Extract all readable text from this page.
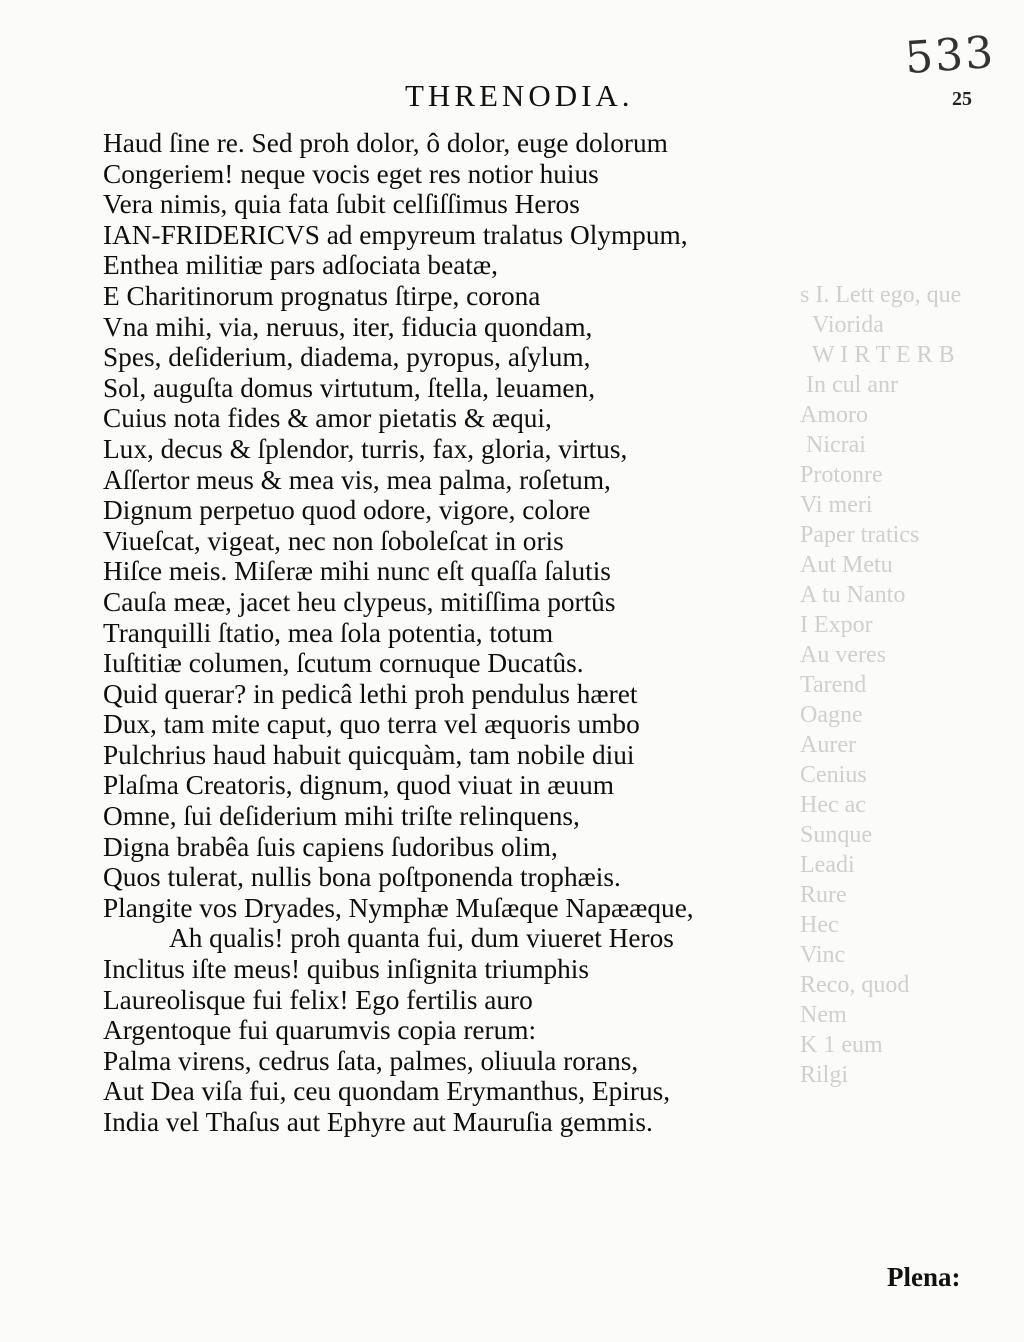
s I. Lett ego, que
Viorida
W I R T E R B
In cul anr
Amoro
Nicrai
Protonre
Vi meri
Paper tratics
Aut Metu
A tu Nanto
I Expor
Au veres
Tarend
Oagne
Aurer
Cenius
Hec ac
Sunque
Leadi
Rure
Hec
Vinc
Reco, quod
Nem
K 1 eum
Rilgi
533
25
THRENODIA.
Haud ſine re. Sed proh dolor, ô dolor, euge dolorum
Congeriem! neque vocis eget res notior huius
Vera nimis, quia fata ſubit celſiſſimus Heros
IAN-FRIDERICVS ad empyreum tralatus Olympum,
Enthea militiæ pars adſociata beatæ,
E Charitinorum prognatus ſtirpe, corona
Vna mihi, via, neruus, iter, fiducia quondam,
Spes, deſiderium, diadema, pyropus, aſylum,
Sol, auguſta domus virtutum, ſtella, leuamen,
Cuius nota fides & amor pietatis & æqui,
Lux, decus & ſplendor, turris, fax, gloria, virtus,
Aſſertor meus & mea vis, mea palma, roſetum,
Dignum perpetuo quod odore, vigore, colore
Viueſcat, vigeat, nec non ſoboleſcat in oris
Hiſce meis. Miſeræ mihi nunc eſt quaſſa ſalutis
Cauſa meæ, jacet heu clypeus, mitiſſima portûs
Tranquilli ſtatio, mea ſola potentia, totum
Iuſtitiæ columen, ſcutum cornuque Ducatûs.
Quid querar? in pedicâ lethi proh pendulus hæret
Dux, tam mite caput, quo terra vel æquoris umbo
Pulchrius haud habuit quicquàm, tam nobile diui
Plaſma Creatoris, dignum, quod viuat in æuum
Omne, ſui deſiderium mihi triſte relinquens,
Digna brabêa ſuis capiens ſudoribus olim,
Quos tulerat, nullis bona poſtponenda trophæis.
Plangite vos Dryades, Nymphæ Muſæque Napææque,
Ah qualis! proh quanta fui, dum viueret Heros
Inclitus iſte meus! quibus inſignita triumphis
Laureolisque fui felix! Ego fertilis auro
Argentoque fui quarumvis copia rerum:
Palma virens, cedrus ſata, palmes, oliuula rorans,
Aut Dea viſa fui, ceu quondam Erymanthus, Epirus,
India vel Thaſus aut Ephyre aut Mauruſia gemmis.
Plena:
